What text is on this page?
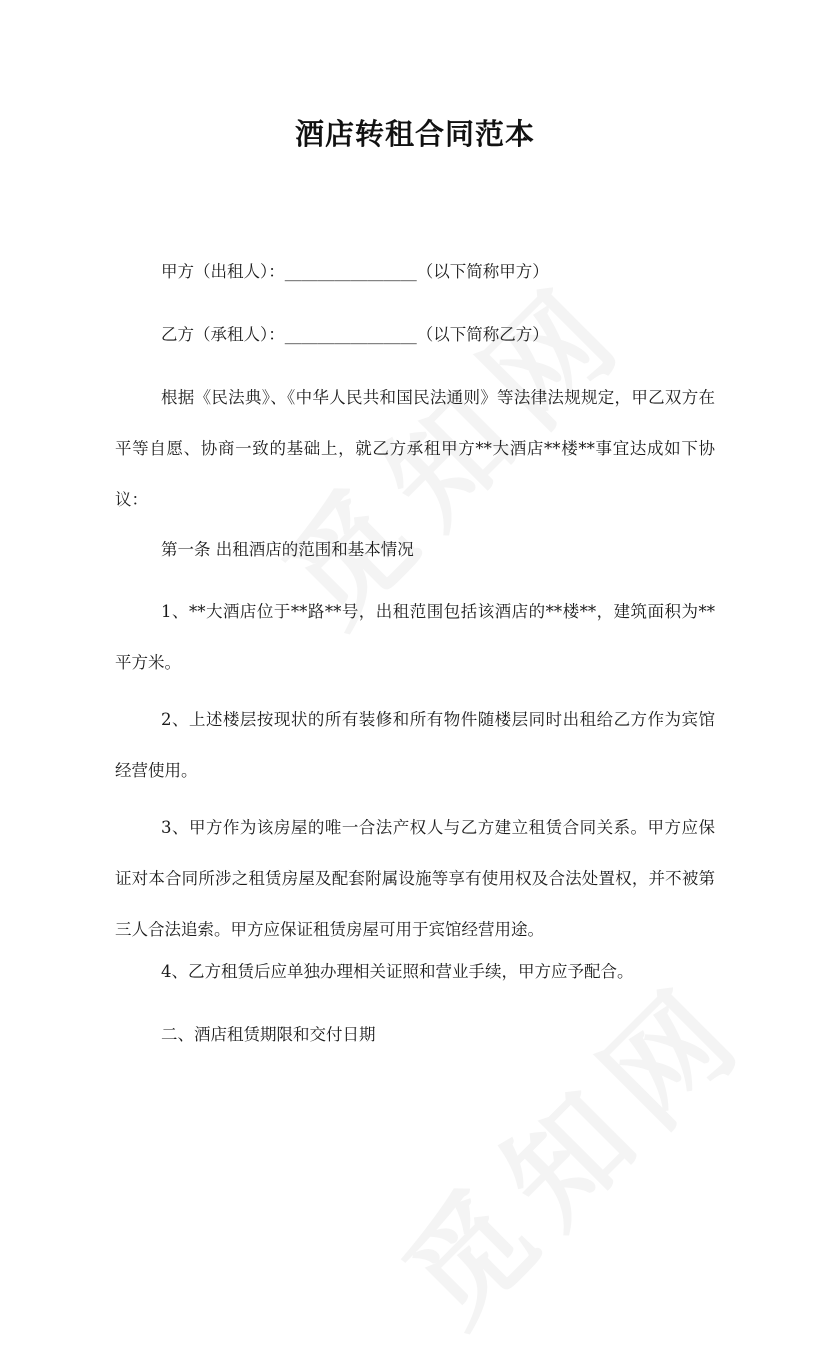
酒店转租合同范本
甲方（出租人）：________________（以下简称甲方）
乙方（承租人）：________________（以下简称乙方）
根据《民法典》、《中华人民共和国民法通则》等法律法规规定，甲乙双方在平等自愿、协商一致的基础上，就乙方承租甲方**大酒店**楼**事宜达成如下协议：
第一条 出租酒店的范围和基本情况
1、**大酒店位于**路**号，出租范围包括该酒店的**楼**，建筑面积为**平方米。
2、上述楼层按现状的所有装修和所有物件随楼层同时出租给乙方作为宾馆经营使用。
3、甲方作为该房屋的唯一合法产权人与乙方建立租赁合同关系。甲方应保证对本合同所涉之租赁房屋及配套附属设施等享有使用权及合法处置权，并不被第三人合法追索。甲方应保证租赁房屋可用于宾馆经营用途。
4、乙方租赁后应单独办理相关证照和营业手续，甲方应予配合。
二、酒店租赁期限和交付日期
